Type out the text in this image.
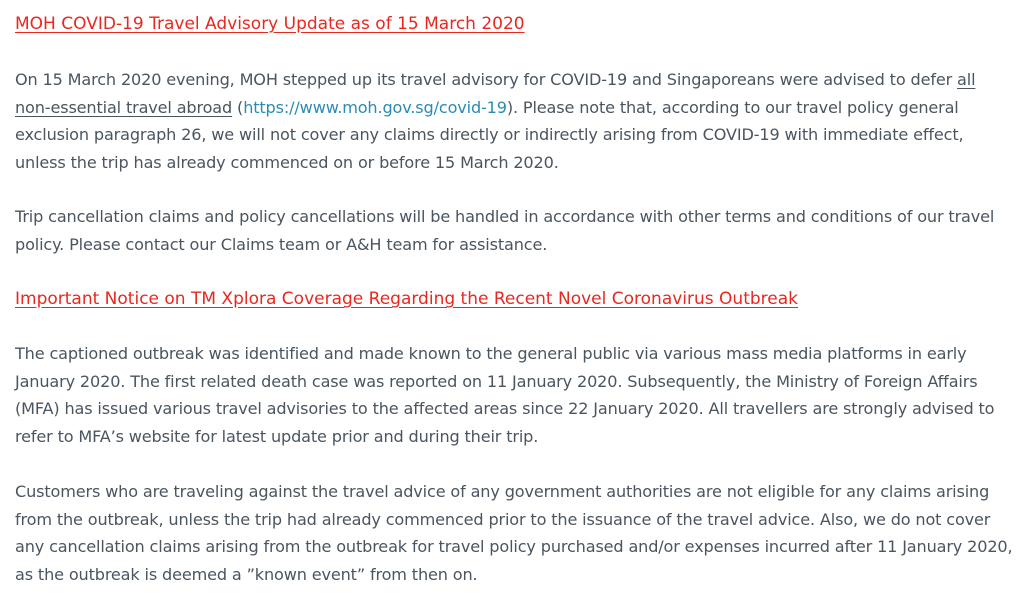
MOH COVID-19 Travel Advisory Update as of 15 March 2020

On 15 March 2020 evening, MOH stepped up its travel advisory for COVID-19 and Singaporeans were advised to defer all non-essential travel abroad (https://www.moh.gov.sg/covid-19). Please note that, according to our travel policy general exclusion paragraph 26, we will not cover any claims directly or indirectly arising from COVID-19 with immediate effect, unless the trip has already commenced on or before 15 March 2020.

Trip cancellation claims and policy cancellations will be handled in accordance with other terms and conditions of our travel policy. Please contact our Claims team or A&H team for assistance.

Important Notice on TM Xplora Coverage Regarding the Recent Novel Coronavirus Outbreak

The captioned outbreak was identified and made known to the general public via various mass media platforms in early January 2020. The first related death case was reported on 11 January 2020. Subsequently, the Ministry of Foreign Affairs (MFA) has issued various travel advisories to the affected areas since 22 January 2020. All travellers are strongly advised to refer to MFA’s website for latest update prior and during their trip.

Customers who are traveling against the travel advice of any government authorities are not eligible for any claims arising from the outbreak, unless the trip had already commenced prior to the issuance of the travel advice. Also, we do not cover any cancellation claims arising from the outbreak for travel policy purchased and/or expenses incurred after 11 January 2020, as the outbreak is deemed a ”known event” from then on.
